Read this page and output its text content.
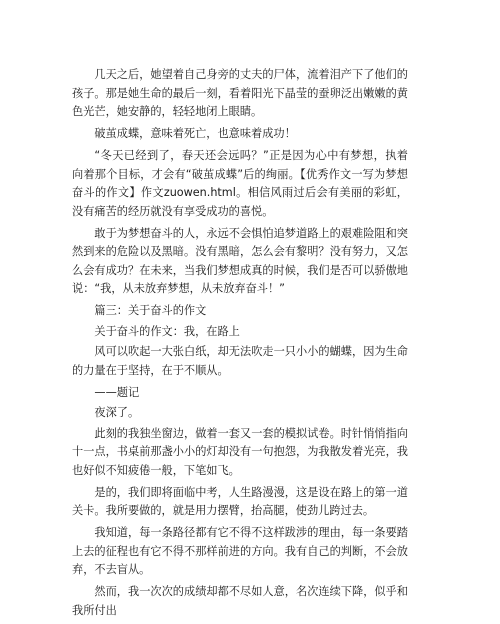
几天之后，她望着自己身旁的丈夫的尸体，流着泪产下了他们的孩子。那是她生命的最后一刻，看着阳光下晶莹的蚕卵泛出嫩嫩的黄色光芒，她安静的，轻轻地闭上眼睛。

破茧成蝶，意味着死亡，也意味着成功！

“冬天已经到了，春天还会远吗？”正是因为心中有梦想，执着向着那个目标，才会有“破茧成蝶”后的绚丽。【优秀作文一写为梦想奋斗的作文】作文zuowen.html。相信风雨过后会有美丽的彩虹，没有痛苦的经历就没有享受成功的喜悦。

敢于为梦想奋斗的人，永远不会惧怕追梦道路上的艰难险阻和突然到来的危险以及黑暗。没有黑暗，怎么会有黎明？没有努力，又怎么会有成功？在未来，当我们梦想成真的时候，我们是否可以骄傲地说：“我，从未放弃梦想，从未放弃奋斗！”

篇三：关于奋斗的作文

关于奋斗的作文：我，在路上

风可以吹起一大张白纸，却无法吹走一只小小的蝴蝶，因为生命的力量在于坚持，在于不顺从。

——题记

夜深了。

此刻的我独坐窗边，做着一套又一套的模拟试卷。时针悄悄指向十一点，书桌前那盏小小的灯却没有一句抱怨，为我散发着光亮，我也好似不知疲倦一般，下笔如飞。

是的，我们即将面临中考，人生路漫漫，这是设在路上的第一道关卡。我所要做的，就是用力摆臂，抬高腿，使劲儿跨过去。

我知道，每一条路径都有它不得不这样跋涉的理由，每一条要踏上去的征程也有它不得不那样前进的方向。我有自己的判断，不会放弃，不去盲从。

然而，我一次次的成绩却都不尽如人意，名次连续下降，似乎和我所付出
